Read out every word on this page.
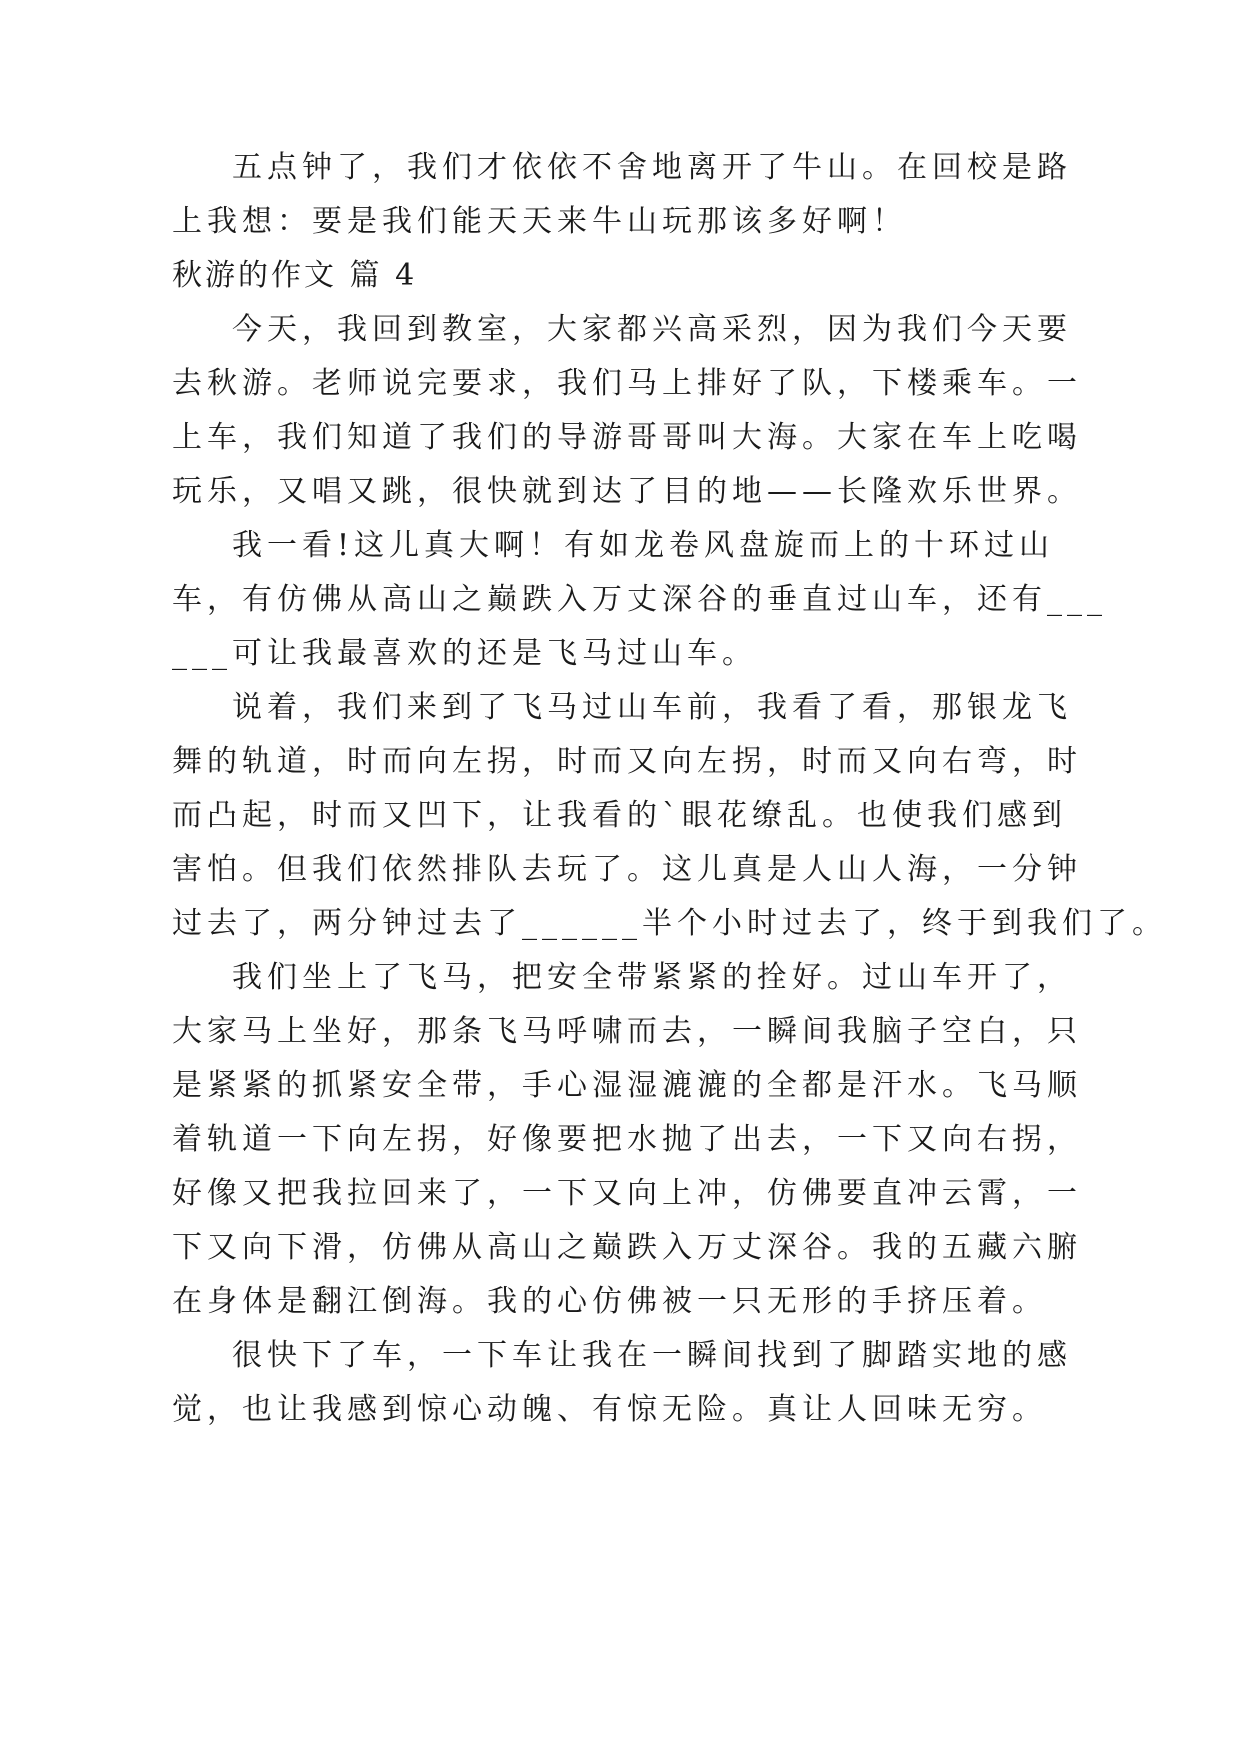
五点钟了，我们才依依不舍地离开了牛山。在回校是路
上我想：要是我们能天天来牛山玩那该多好啊！
秋游的作文 篇 4
今天，我回到教室，大家都兴高采烈，因为我们今天要
去秋游。老师说完要求，我们马上排好了队，下楼乘车。一
上车，我们知道了我们的导游哥哥叫大海。大家在车上吃喝
玩乐，又唱又跳，很快就到达了目的地——长隆欢乐世界。
我一看!这儿真大啊！有如龙卷风盘旋而上的十环过山
车，有仿佛从高山之巅跌入万丈深谷的垂直过山车，还有___
___可让我最喜欢的还是飞马过山车。
说着，我们来到了飞马过山车前，我看了看，那银龙飞
舞的轨道，时而向左拐，时而又向左拐，时而又向右弯，时
而凸起，时而又凹下，让我看的`眼花缭乱。也使我们感到
害怕。但我们依然排队去玩了。这儿真是人山人海，一分钟
过去了，两分钟过去了______半个小时过去了，终于到我们了。
我们坐上了飞马，把安全带紧紧的拴好。过山车开了，
大家马上坐好，那条飞马呼啸而去，一瞬间我脑子空白，只
是紧紧的抓紧安全带，手心湿湿漉漉的全都是汗水。飞马顺
着轨道一下向左拐，好像要把水抛了出去，一下又向右拐，
好像又把我拉回来了，一下又向上冲，仿佛要直冲云霄，一
下又向下滑，仿佛从高山之巅跌入万丈深谷。我的五藏六腑
在身体是翻江倒海。我的心仿佛被一只无形的手挤压着。
很快下了车，一下车让我在一瞬间找到了脚踏实地的感
觉，也让我感到惊心动魄、有惊无险。真让人回味无穷。
